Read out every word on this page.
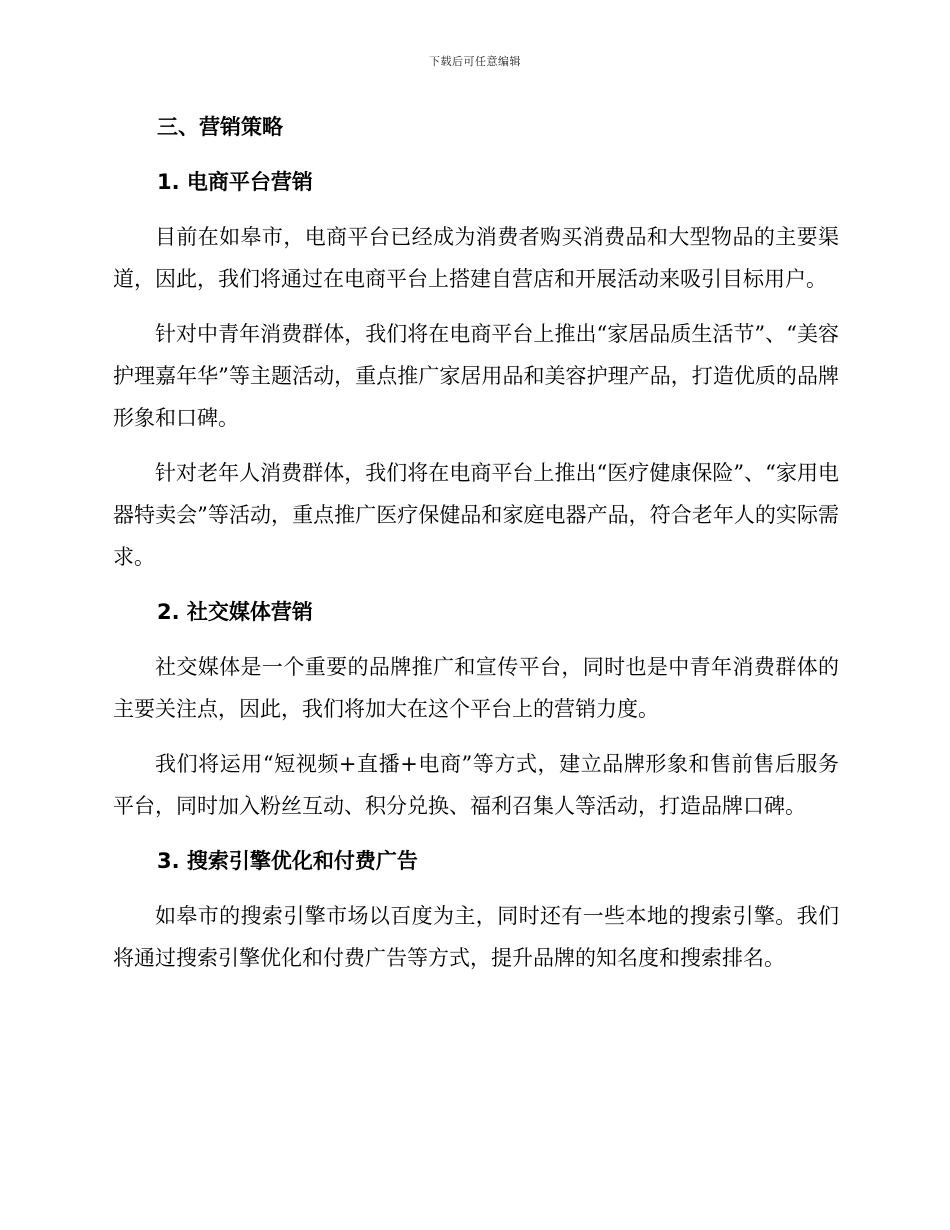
下载后可任意编辑
三、营销策略
1. 电商平台营销

目前在如皋市，电商平台已经成为消费者购买消费品和大型物品的主要渠道，因此，我们将通过在电商平台上搭建自营店和开展活动来吸引目标用户。

针对中青年消费群体，我们将在电商平台上推出“家居品质生活节”、“美容护理嘉年华”等主题活动，重点推广家居用品和美容护理产品，打造优质的品牌形象和口碑。

针对老年人消费群体，我们将在电商平台上推出“医疗健康保险”、“家用电器特卖会”等活动，重点推广医疗保健品和家庭电器产品，符合老年人的实际需求。

2. 社交媒体营销

社交媒体是一个重要的品牌推广和宣传平台，同时也是中青年消费群体的主要关注点，因此，我们将加大在这个平台上的营销力度。

我们将运用“短视频+直播+电商”等方式，建立品牌形象和售前售后服务平台，同时加入粉丝互动、积分兑换、福利召集人等活动，打造品牌口碑。

3. 搜索引擎优化和付费广告

如皋市的搜索引擎市场以百度为主，同时还有一些本地的搜索引擎。我们将通过搜索引擎优化和付费广告等方式，提升品牌的知名度和搜索排名。
